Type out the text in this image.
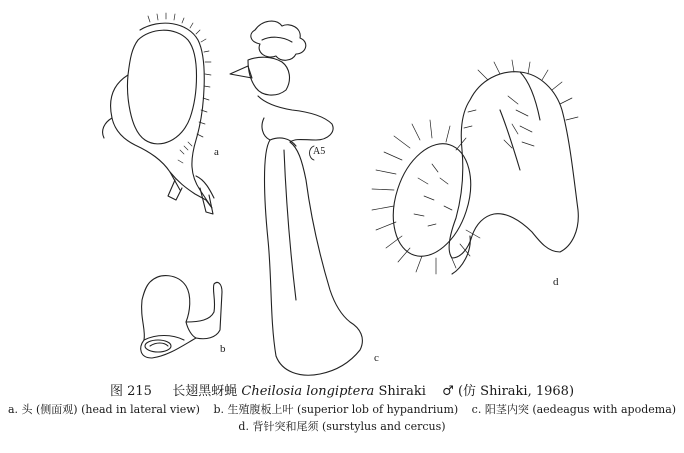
a
b
c
d
A5
图 215 长翅黑蚜蝇 Cheilosia longiptera Shiraki ♂ (仿 Shiraki, 1968)
a. 头 (侧面观) (head in lateral view) b. 生殖腹板上叶 (superior lob of hypandrium) c. 阳茎内突 (aedeagus with apodema)
d. 背针突和尾须 (surstylus and cercus)
